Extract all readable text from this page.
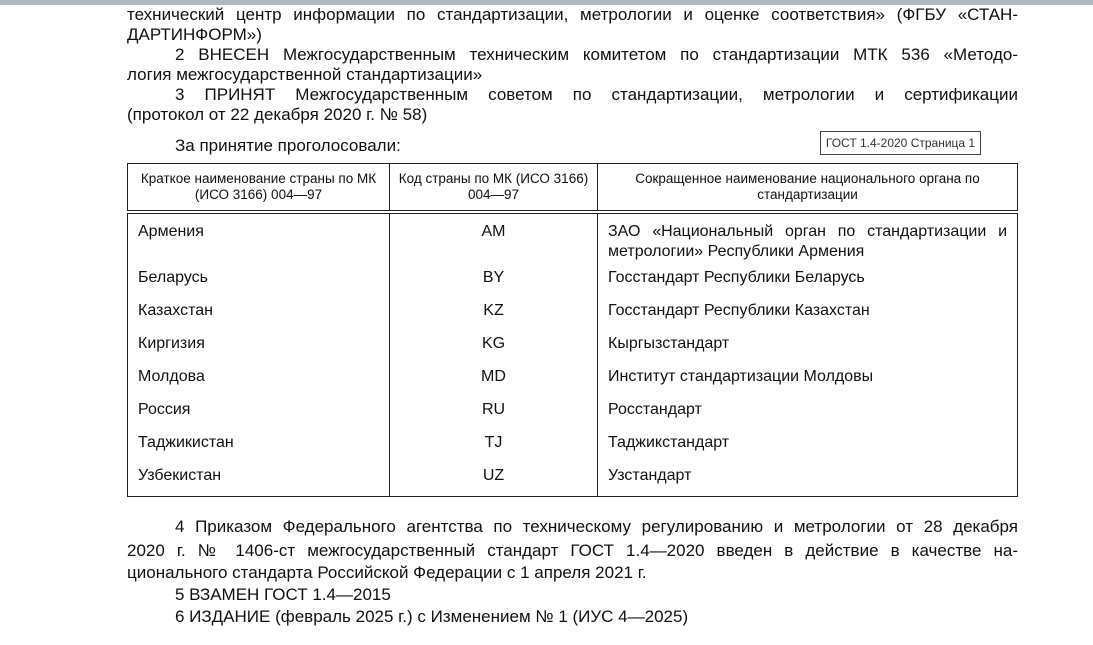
технический центр информации по стандартизации, метрологии и оценке соответствия» (ФГБУ «СТАН-
ДАРТИНФОРМ»)
2 ВНЕСЕН Межгосударственным техническим комитетом по стандартизации МТК 536 «Методо-
логия межгосударственной стандартизации»
3 ПРИНЯТ Межгосударственным советом по стандартизации, метрологии и сертификации
(протокол от 22 декабря 2020 г. № 58)
За принятие проголосовали:	ГОСТ 1.4-2020 Страница 1
Краткое наименование страны по МК (ИСО 3166) 004—97	Код страны по МК (ИСО 3166) 004—97	Сокращенное наименование национального органа по стандартизации
Армения	AM	ЗАО «Национальный орган по стандартизации и метрологии» Республики Армения
Беларусь	BY	Госстандарт Республики Беларусь
Казахстан	KZ	Госстандарт Республики Казахстан
Киргизия	KG	Кыргызстандарт
Молдова	MD	Институт стандартизации Молдовы
Россия	RU	Росстандарт
Таджикистан	TJ	Таджикстандарт
Узбекистан	UZ	Узстандарт
4 Приказом Федерального агентства по техническому регулированию и метрологии от 28 декабря
2020 г. № 1406-ст межгосударственный стандарт ГОСТ 1.4—2020 введен в действие в качестве на-
ционального стандарта Российской Федерации с 1 апреля 2021 г.
5 ВЗАМЕН ГОСТ 1.4—2015
6 ИЗДАНИЕ (февраль 2025 г.) с Изменением № 1 (ИУС 4—2025)
